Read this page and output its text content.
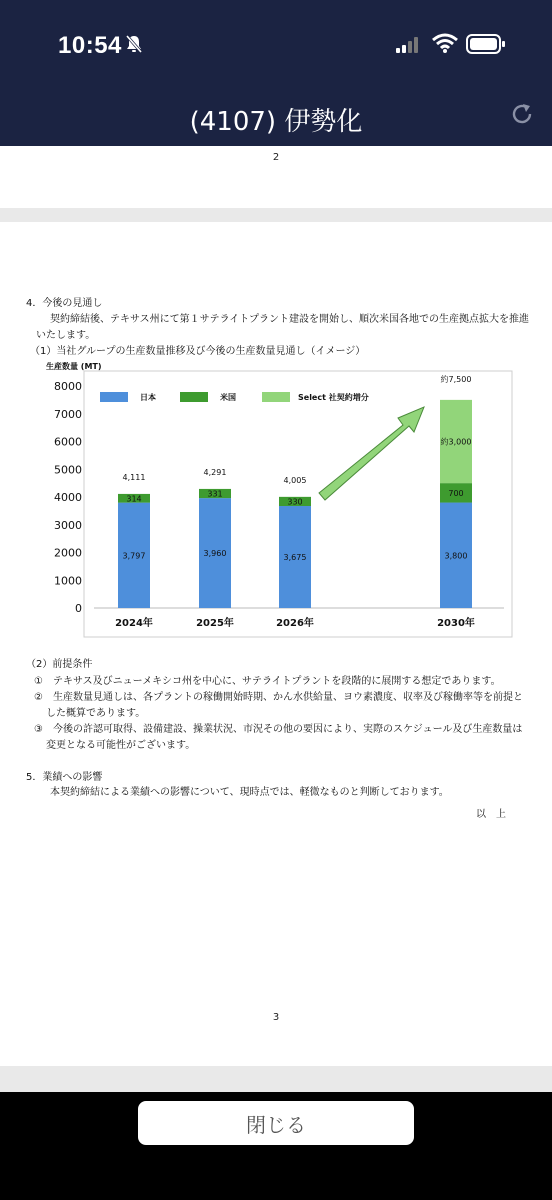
10:54
(4107) 伊勢化
2
4．今後の見通し
契約締結後、テキサス州にて第１サテライトプラント建設を開始し、順次米国各地での生産拠点拡大を推進
いたします。
（1）当社グループの生産数量推移及び今後の生産数量見通し（イメージ）
（2）前提条件
①　テキサス及びニューメキシコ州を中心に、サテライトプラントを段階的に展開する想定であります。
②　生産数量見通しは、各プラントの稼働開始時期、かん水供給量、ヨウ素濃度、収率及び稼働率等を前提と
した概算であります。
③　今後の許認可取得、設備建設、操業状況、市況その他の要因により、実際のスケジュール及び生産数量は
変更となる可能性がございます。
5．業績への影響
本契約締結による業績への影響について、現時点では、軽微なものと判断しております。
以　上
3
生産数量 (MT)
0
1000
2000
3000
4000
5000
6000
7000
8000
3,797
314
4,111
2024年
3,960
331
4,291
2025年
3,675
330
4,005
2026年
3,800
700
約3,000
約7,500
2030年
日本	米国	Select 社契約増分
閉じる
